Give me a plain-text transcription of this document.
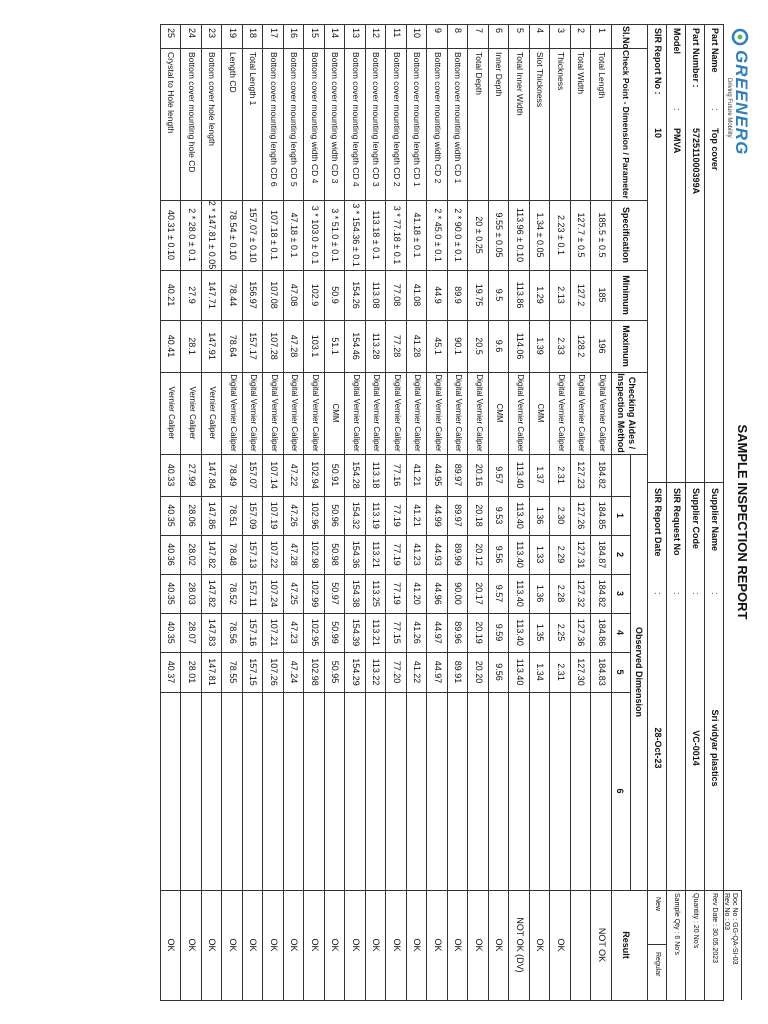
GREENERG
Driving Future Mobility
SAMPLE INSPECTION REPORT
Doc No : GG-QA-SI-03
Rev No : 03
Rev Date : 30.05.2023
Quantity : 20 No's
Sample Qty : 6 No's
New
Regular
Part Name
:
Top cover
Part Number :
572511000399A
Model
:
PMVA
SIR Report No :
10
Supplier Name
:
Sri vidyar plastics
Supplier Code
:
VC-0014
SIR Request No
:
SIR Report Date
:
28-Oct-23
Sl.No
Check Point - Dimension / Parameter
Specification
Minimum
Maximum
Checking Aides /
Inspection Method
Observed Dimension
1
2
3
4
5
6
Result
1
Total Length
185.5 ± 0.5
185
196
Digital Vernier Caliper
184.82
184.85
184.87
184.82
184.86
184.83
NOT OK
2
Total Width
127.7 ± 0.5
127.2
128.2
Digital Vernier Caliper
127.23
127.26
127.31
127.32
127.36
127.30
3
Thickness
2.23 ± 0.1
2.13
2.33
Digital Vernier Caliper
2.31
2.30
2.29
2.28
2.25
2.31
OK
4
Slot Thickness
1.34 ± 0.05
1.29
1.39
CMM
1.37
1.36
1.33
1.36
1.35
1.34
OK
5
Total Inner Width
113.96 ± 0.10
113.86
114.06
Digital Vernier Caliper
113.40
113.40
113.40
113.40
113.40
113.40
NOT OK (DV)
6
Inner Depth
9.55 ± 0.05
9.5
9.6
CMM
9.57
9.53
9.56
9.57
9.59
9.56
OK
7
Total Depth
20 ± 0.25
19.75
20.5
Digital Vernier Caliper
20.16
20.18
20.12
20.17
20.19
20.20
OK
8
Bottom cover mounting width CD 1
2 * 90.0 ± 0.1
89.9
90.1
Digital Vernier Caliper
89.97
89.97
89.99
90.00
89.96
89.91
OK
9
Bottom cover mounting width CD 2
2 * 45.0 ± 0.1
44.9
45.1
Digital Vernier Caliper
44.95
44.99
44.93
44.96
44.97
44.97
OK
10
Bottom cover mounting length CD 1
41.18 ± 0.1
41.08
41.28
Digital Vernier Caliper
41.21
41.21
41.23
41.20
41.26
41.22
OK
11
Bottom cover mounting length CD 2
3 * 77.18 ± 0.1
77.08
77.28
Digital Vernier Caliper
77.16
77.19
77.19
77.19
77.15
77.20
OK
12
Bottom cover mounting length CD 3
113.18 ± 0.1
113.08
113.28
Digital Vernier Caliper
113.18
113.19
113.21
113.25
113.21
113.22
OK
13
Bottom cover mounting length CD 4
3 * 154.36 ± 0.1
154.26
154.46
Digital Vernier Caliper
154.28
154.32
154.36
154.38
154.39
154.29
OK
14
Bottom cover mounting width CD 3
3 * 51.0 ± 0.1
50.9
51.1
CMM
50.91
50.96
50.98
50.97
50.99
50.95
OK
15
Bottom cover mounting width CD 4
3 * 103.0 ± 0.1
102.9
103.1
Digital Vernier Caliper
102.94
102.96
102.98
102.99
102.95
102.98
OK
16
Bottom cover mounting length CD 5
47.18 ± 0.1
47.08
47.28
Digital Vernier Caliper
47.22
47.26
47.28
47.25
47.23
47.24
OK
17
Bottom cover mounting length CD 6
107.18 ± 0.1
107.08
107.28
Digital Vernier Caliper
107.14
107.19
107.22
107.24
107.21
107.26
OK
18
Total Length 1
157.07 ± 0.10
156.97
157.17
Digital Vernier Caliper
157.07
157.09
157.13
157.11
157.16
157.15
OK
19
Length CD
78.54 ± 0.10
78.44
78.64
Digital Vernier Caliper
78.49
78.51
78.48
78.52
78.56
78.55
OK
23
Bottom cover hole length
2 * 147.81 ± 0.05
147.71
147.91
Vernier Caliper
147.84
147.86
147.82
147.82
147.83
147.81
OK
24
Bottom cover mounting hole CD
2 * 28.0 ± 0.1
27.9
28.1
Vernier Caliper
27.99
28.06
28.02
28.03
28.07
28.01
OK
25
Crystal to Hole length
40.31 ± 0.10
40.21
40.41
Vernier Caliper
40.33
40.35
40.36
40.35
40.35
40.37
OK
